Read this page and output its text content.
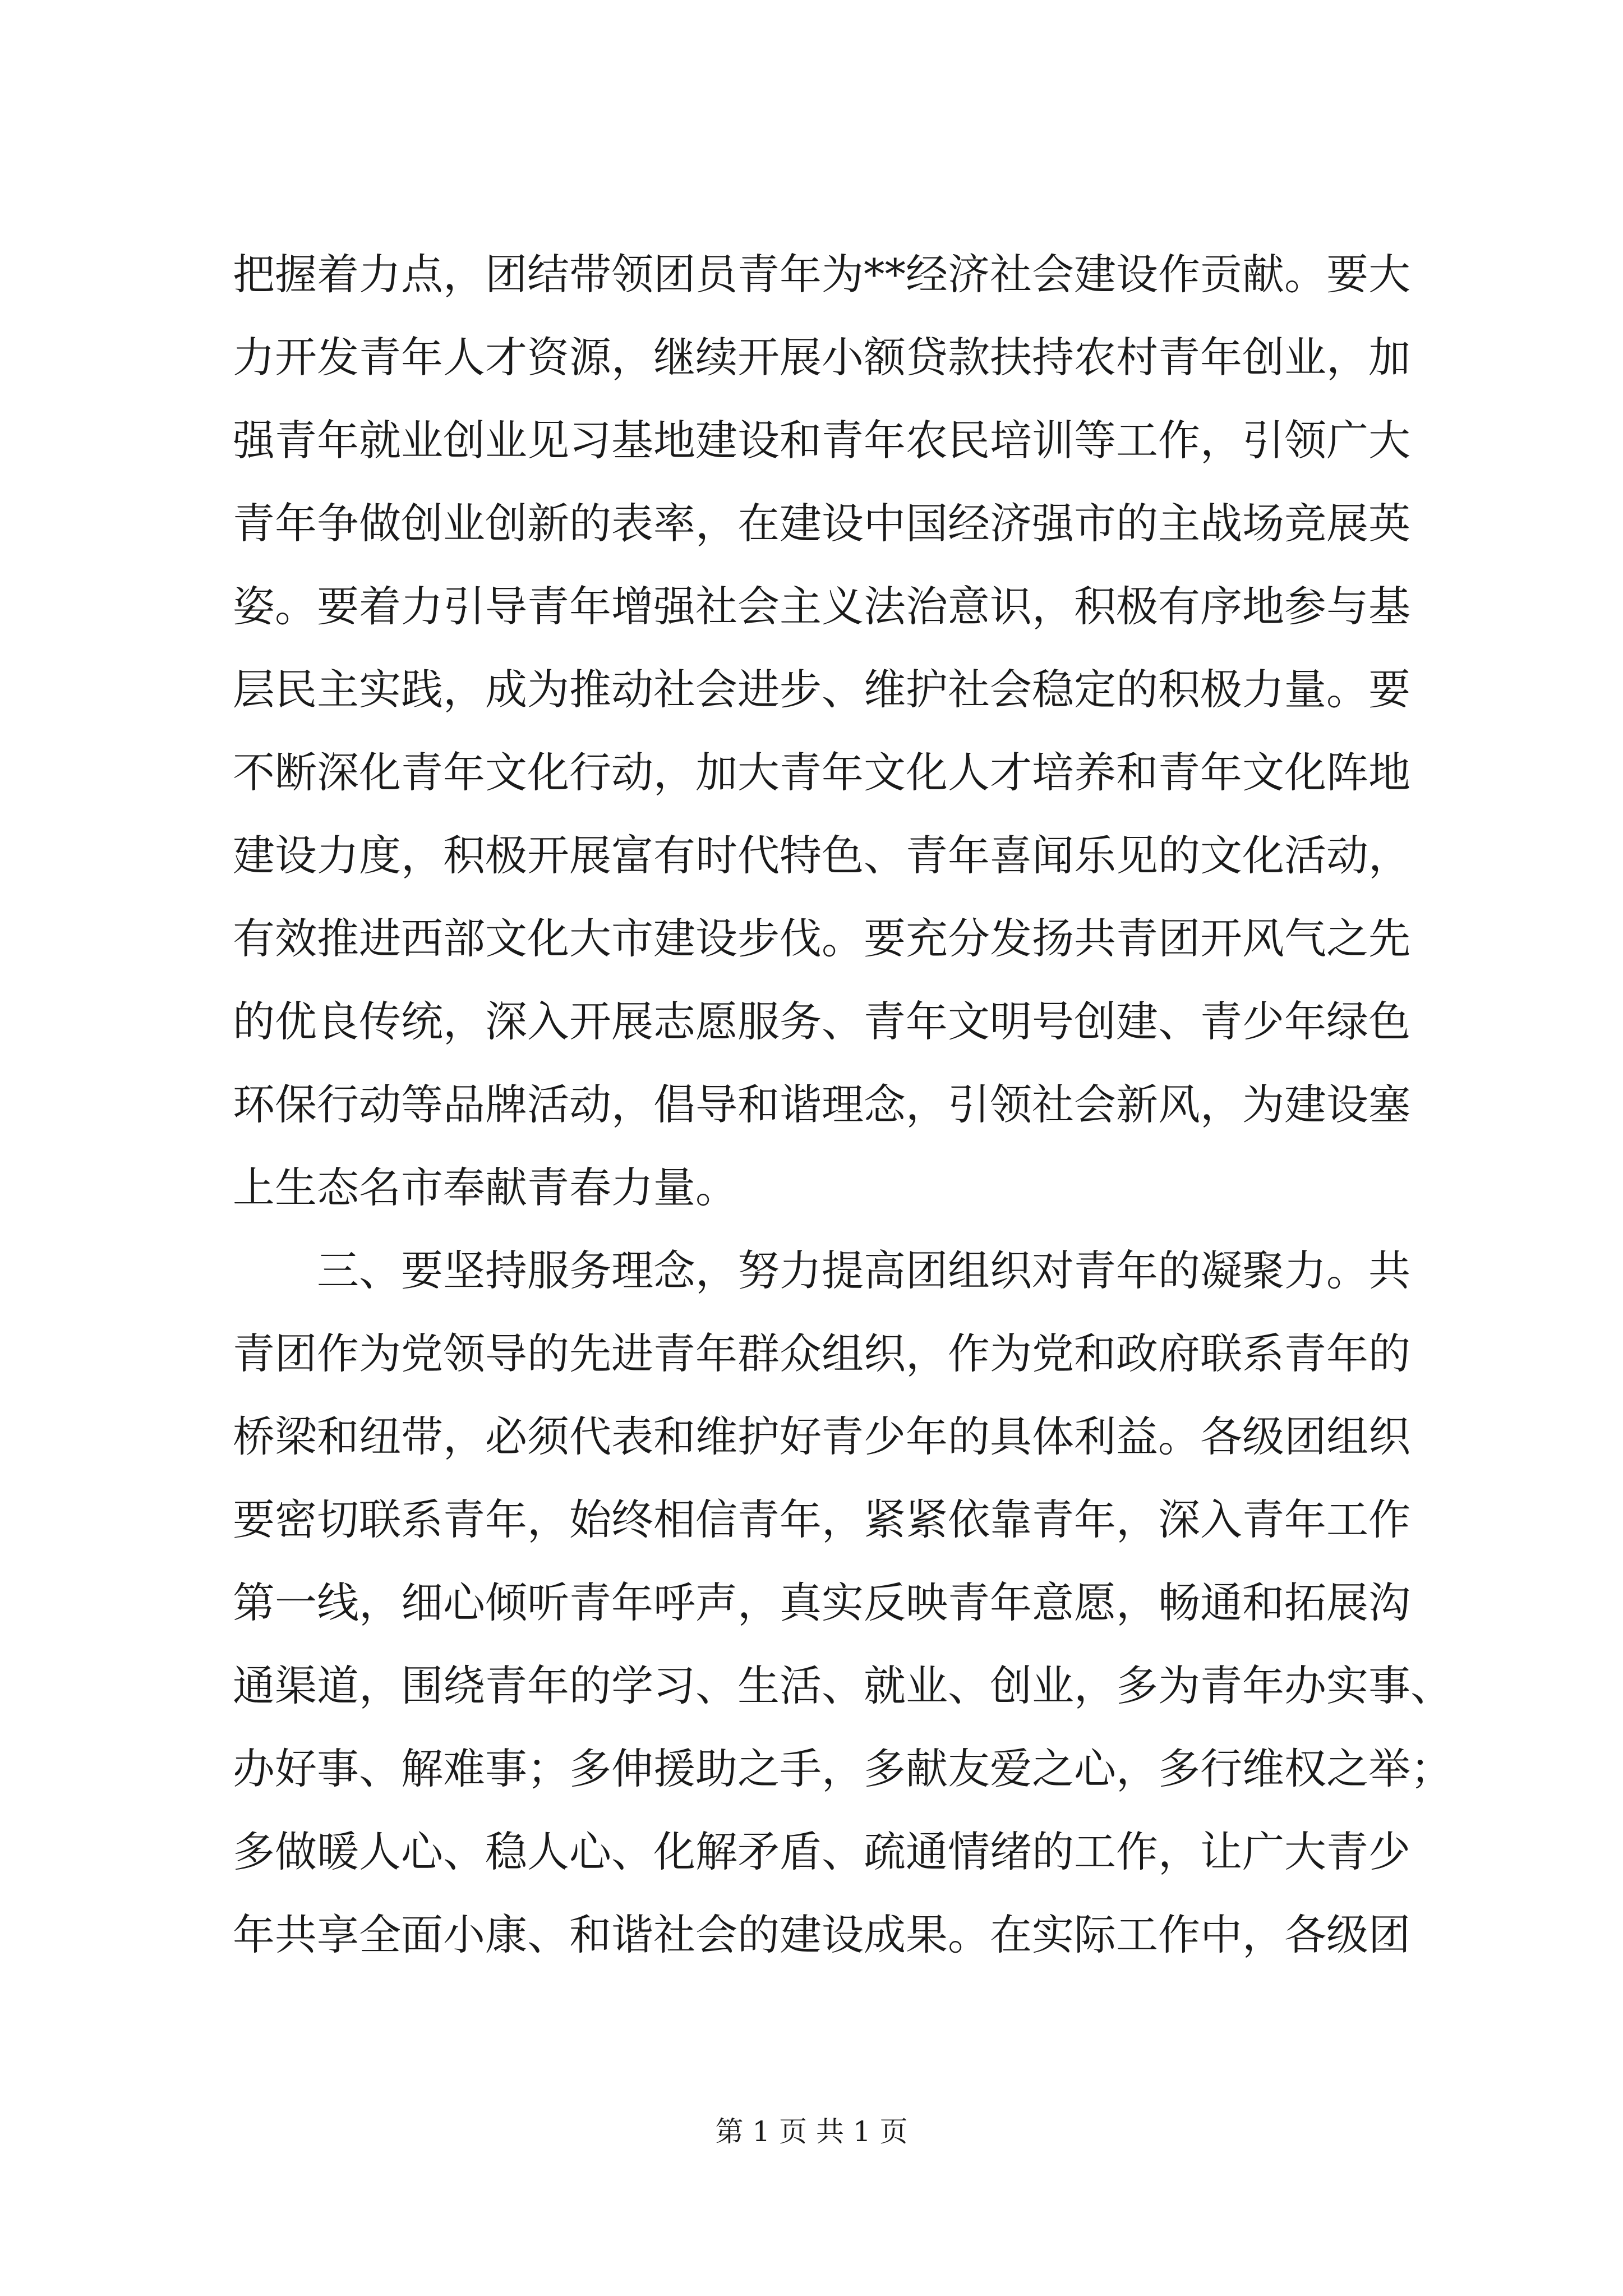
把握着力点，团结带领团员青年为**经济社会建设作贡献。要大
力开发青年人才资源，继续开展小额贷款扶持农村青年创业，加
强青年就业创业见习基地建设和青年农民培训等工作，引领广大
青年争做创业创新的表率，在建设中国经济强市的主战场竞展英
姿。要着力引导青年增强社会主义法治意识，积极有序地参与基
层民主实践，成为推动社会进步、维护社会稳定的积极力量。要
不断深化青年文化行动，加大青年文化人才培养和青年文化阵地
建设力度，积极开展富有时代特色、青年喜闻乐见的文化活动，
有效推进西部文化大市建设步伐。要充分发扬共青团开风气之先
的优良传统，深入开展志愿服务、青年文明号创建、青少年绿色
环保行动等品牌活动，倡导和谐理念，引领社会新风，为建设塞
上生态名市奉献青春力量。
　　三、要坚持服务理念，努力提高团组织对青年的凝聚力。共
青团作为党领导的先进青年群众组织，作为党和政府联系青年的
桥梁和纽带，必须代表和维护好青少年的具体利益。各级团组织
要密切联系青年，始终相信青年，紧紧依靠青年，深入青年工作
第一线，细心倾听青年呼声，真实反映青年意愿，畅通和拓展沟
通渠道，围绕青年的学习、生活、就业、创业，多为青年办实事、
办好事、解难事；多伸援助之手，多献友爱之心，多行维权之举；
多做暖人心、稳人心、化解矛盾、疏通情绪的工作，让广大青少
年共享全面小康、和谐社会的建设成果。在实际工作中，各级团
第 1 页 共 1 页
